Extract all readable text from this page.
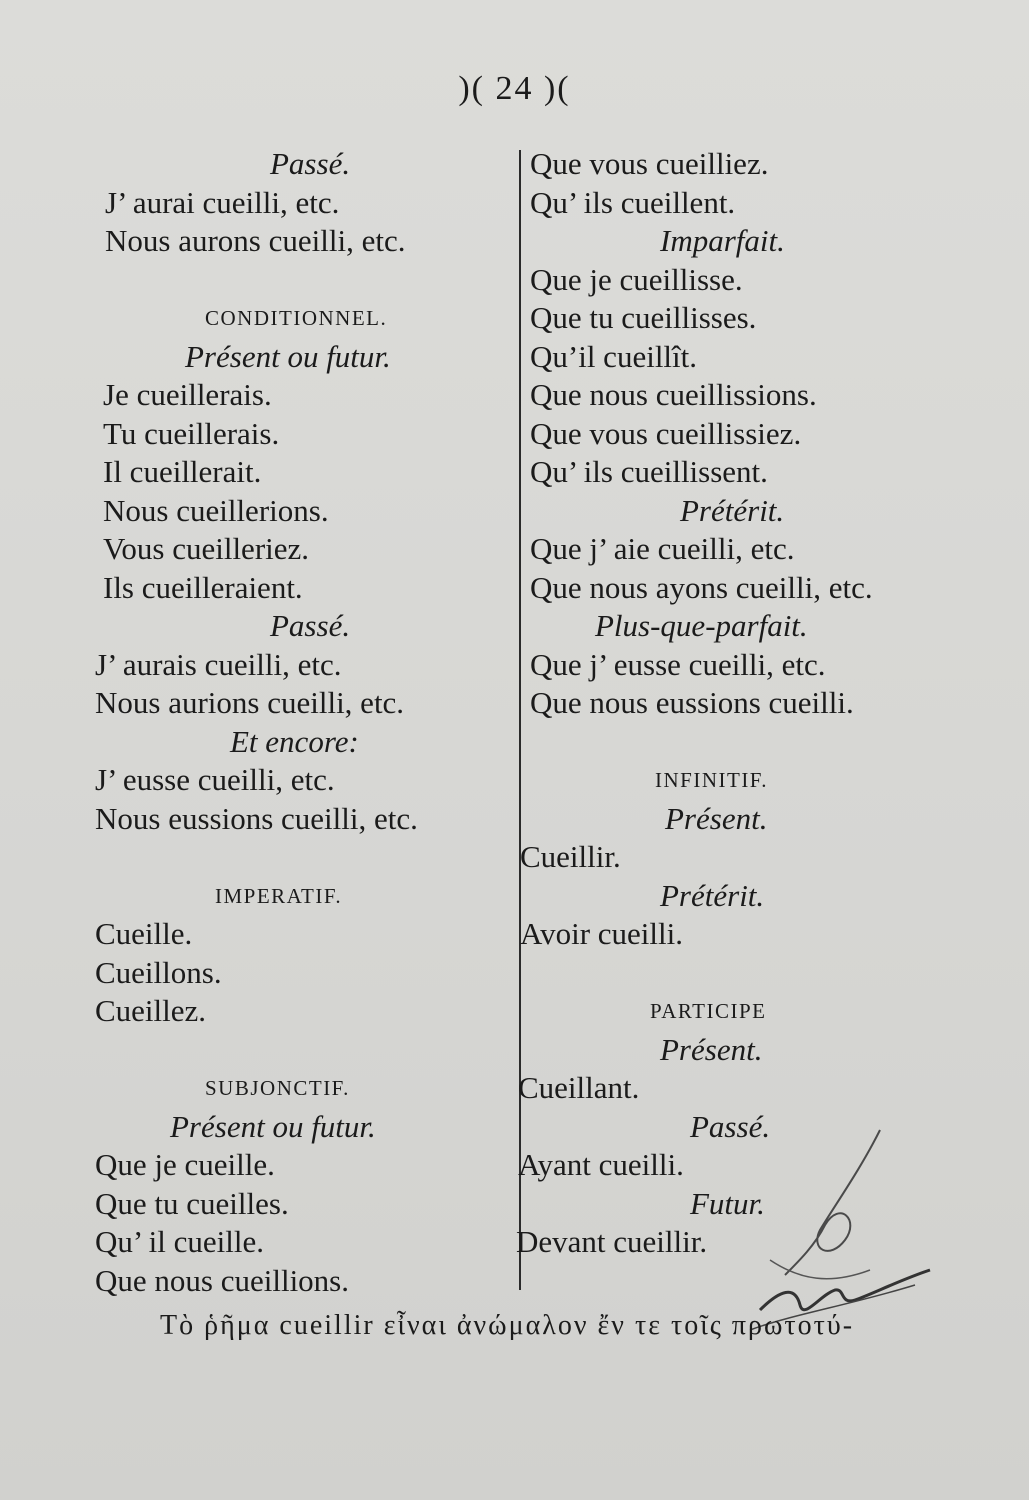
)( 24 )(
Passé.
J’ aurai cueilli, etc.
Nous aurons cueilli, etc.
CONDITIONNEL.
Présent ou futur.
Je cueillerais.
Tu cueillerais.
Il cueillerait.
Nous cueillerions.
Vous cueilleriez.
Ils cueilleraient.
Passé.
J’ aurais cueilli, etc.
Nous aurions cueilli, etc.
Et encore:
J’ eusse cueilli, etc.
Nous eussions cueilli, etc.
IMPERATIF.
Cueille.
Cueillons.
Cueillez.
SUBJONCTIF.
Présent ou futur.
Que je cueille.
Que tu cueilles.
Qu’ il cueille.
Que nous cueillions.
Que vous cueilliez.
Qu’ ils cueillent.
Imparfait.
Que je cueillisse.
Que tu cueillisses.
Qu’il cueillît.
Que nous cueillissions.
Que vous cueillissiez.
Qu’ ils cueillissent.
Prétérit.
Que j’ aie cueilli, etc.
Que nous ayons cueilli, etc.
Plus-que-parfait.
Que j’ eusse cueilli, etc.
Que nous eussions cueilli.
INFINITIF.
Présent.
Cueillir.
Prétérit.
Avoir cueilli.
PARTICIPE
Présent.
Cueillant.
Passé.
Ayant cueilli.
Futur.
Devant cueillir.
Τὸ ῥῆμα cueillir εἶναι ἀνώμαλον ἔν τε τοῖς πρωτοτύ-
